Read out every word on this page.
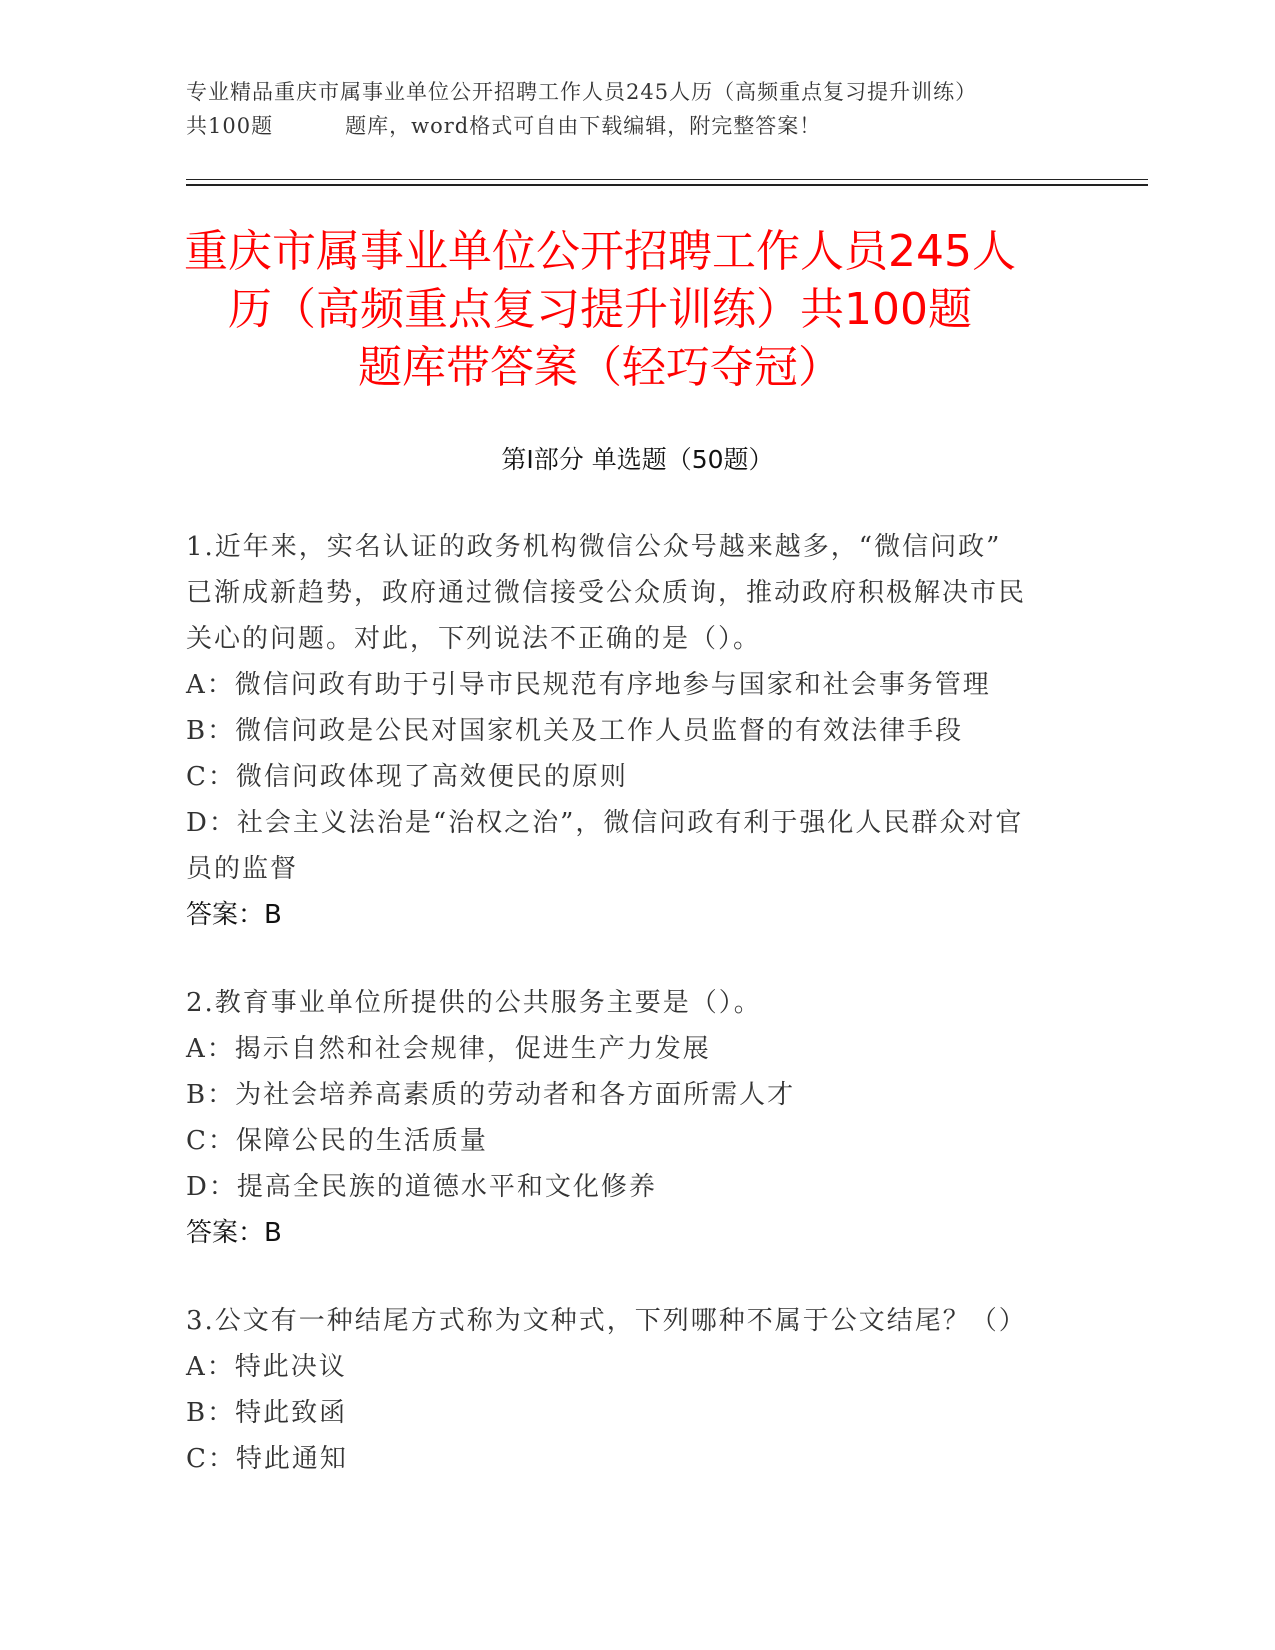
专业精品重庆市属事业单位公开招聘工作人员245人历（高频重点复习提升训练）
共100题	题库，word格式可自由下载编辑，附完整答案！
重庆市属事业单位公开招聘工作人员245人
历（高频重点复习提升训练）共100题
题库带答案（轻巧夺冠）
第Ⅰ部分 单选题（50题）
1.近年来，实名认证的政务机构微信公众号越来越多，“微信问政”
已渐成新趋势，政府通过微信接受公众质询，推动政府积极解决市民
关心的问题。对此，下列说法不正确的是（）。
A：微信问政有助于引导市民规范有序地参与国家和社会事务管理
B：微信问政是公民对国家机关及工作人员监督的有效法律手段
C：微信问政体现了高效便民的原则
D：社会主义法治是“治权之治”，微信问政有利于强化人民群众对官
员的监督
答案：B
2.教育事业单位所提供的公共服务主要是（）。
A：揭示自然和社会规律，促进生产力发展
B：为社会培养高素质的劳动者和各方面所需人才
C：保障公民的生活质量
D：提高全民族的道德水平和文化修养
答案：B
3.公文有一种结尾方式称为文种式，下列哪种不属于公文结尾？（）
A：特此决议
B：特此致函
C：特此通知
